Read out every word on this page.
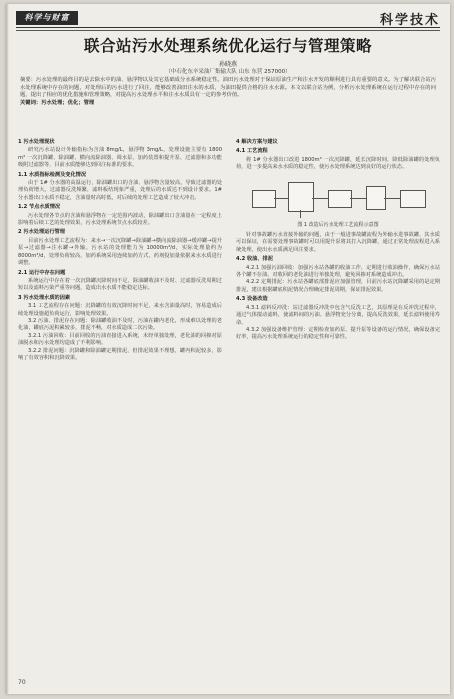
科学与财富	科学技术
联合站污水处理系统优化运行与管理策略
孙晓燕
（中石化东辛采油厂集输大队 山东 东营 257000）
摘要：污水处理的最终目的是去除水中的油、悬浮物以及其它基础成分水系统稳定性。油田污水处理对于保证原油生产和注水开发的顺利进行具有重要的意义。为了解决联合站污水处理系统中存在的问题，对处理后的污水进行了回注，能够改善油田注水的水质，为油田提供合格的注水水源。本文以联合站为例，分析污水处理系统在运行过程中存在的问题，提出了相应的优化措施和管理策略，对提高污水处理水平和注水水质具有一定的参考价值。
关键词：污水处理；优化；管理

1 污水处理现状

研究污水站设计外输指标为含油 8mg/L，悬浮物 3mg/L，处理设施主要有 1800 m³ 一次沉降罐、除油罐、横向流除油器、调水泵、加药装置和提升泵、过滤器和多功能吸附过滤器等，目前水质能够达到回注标准的要求。

1.1 水质指标检测及变化情况

由于 1# 分水器的高温运行，除油罐出口的含油、悬浮物含量较高，导致过滤器的处理负荷增大，过滤器反洗频繁，滤料板结现象严重，处理后的水质达不到设计要求。1# 分水器出口水质不稳定，含油量时高时低，对后续的处理工艺造成了较大冲击。

1.2 节点水质情况

污水处理各节点的含油和悬浮物在一定范围内波动，除油罐出口含油量在一定程度上影响着后续工艺的处理效果，污水处理系统节点水质较差。

2 污水处理运行管理

目前污水处理工艺流程为：来水→一次沉降罐→除油罐→横向流除油器→缓冲罐→提升泵→过滤器→注水罐→外输。污水站的处理能力为 10000m³/d，实际处理量约为 8000m³/d，处理负荷较高，加药系统采用连续加药方式，药剂投加量依据来水水质进行调整。

2.1 运行中存在问题

系统运行中存在着一次沉降罐沉降时间不足、除油罐收油不及时、过滤器反洗周期过短以及滤料污染严重等问题，造成出水水质不能稳定达标。

3 污水处理水质的因素

3.1 工艺流程存在问题：沉降罐的有效沉降时间不足，来水含油量高时，容易造成后续处理设施超负荷运行，影响处理效果。

3.2 污油、排泥存在问题：除油罐收油不及时，污油在罐内老化，形成难以处理的老化油，罐底污泥积累较多，排泥不畅，对水质造成二次污染。

3.2.1 污油回收：目前回收的污油直接进入系统，未经单独处理，老化油的回掺对原油脱水和污水处理均造成了不利影响。

3.2.2 排泥问题：沉降罐和除油罐定期排泥，但排泥效果不理想，罐内积泥较多，影响了有效容积和沉降效果。

4 解决方案与建议

4.1 工艺流程

将 1# 分水器出口改进 1800m³ 一次沉降罐，延长沉降时间，降低除油罐的处理负荷，进一步提高来水水质的稳定性，使污水处理系统达到良好的运行状态。

图 1 改造后污水处理工艺流程示意图

针对事故罐污水直接外输的问题，由于一般进事故罐流程为外输水进事故罐，其水质可以保证，在需要处理事故罐时可以用提升泵将其打入沉降罐，通过正常处理流程进入系统处理，使出水水质满足回注要求。

4.2 收油、排泥

4.2.1 加强污油回收：加强污水站各罐的收油工作，定期进行收油操作，确保污水站各个罐不存油。对收回的老化油进行单独处理，避免回掺对系统造成冲击。

4.2.2 定期排泥：污水站各罐底部排泥应加强管理，目前污水站沉降罐采用的是定期排泥，建议根据罐底积泥情况合理确定排泥周期，保证排泥效果。

4.3 设备改造

4.3.1 滤料反冲洗：站过滤器反冲洗中包含气反洗工艺，其原理是在反冲洗过程中，通过气体搅动滤料，使滤料间的污油、悬浮物充分分离，提高反洗效果，延长滤料使用寿命。

4.3.2 加强设备维护管理：定期检查加药泵、提升泵等设备的运行情况，确保设备完好率，提高污水处理系统运行的稳定性和可靠性。

70
